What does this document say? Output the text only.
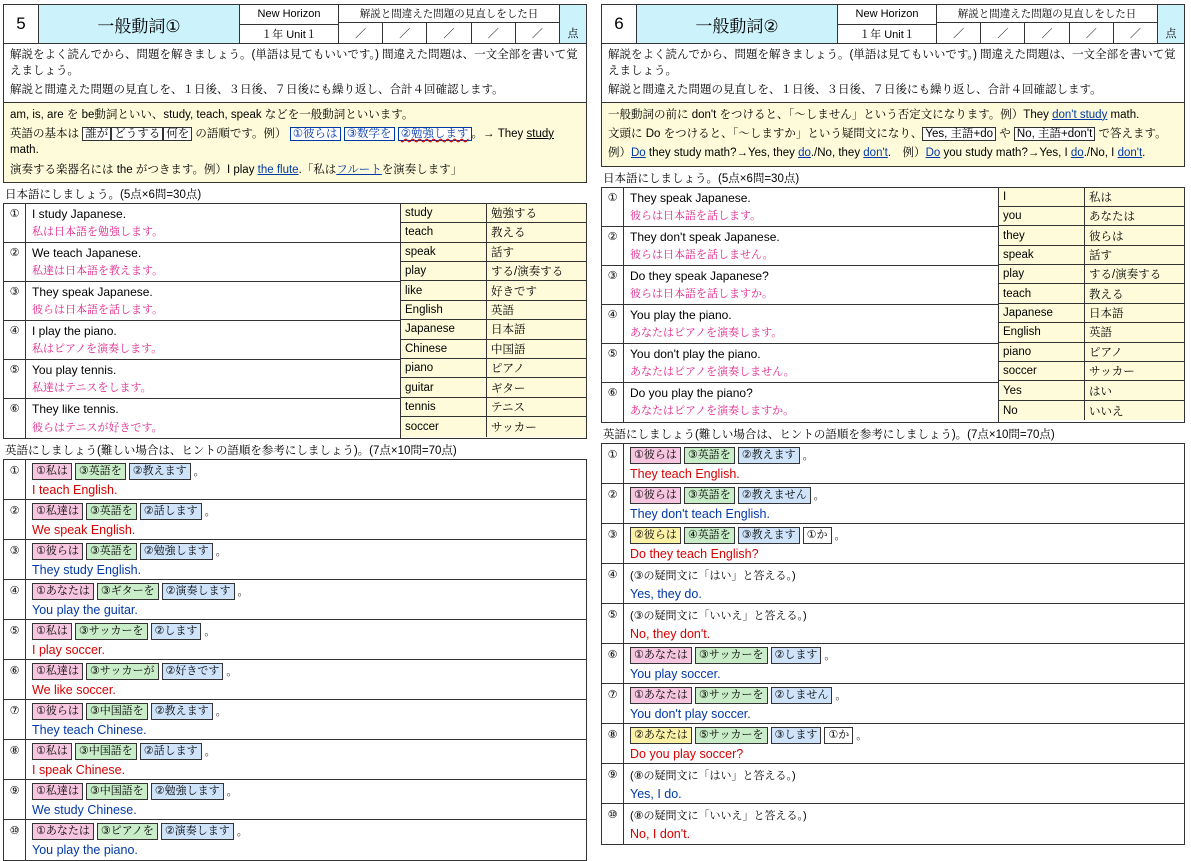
5	一般動詞①
New Horizon
１年 Unit１
解説と間違えた問題の見直しをした日
／	／	／	／	／	点

解説をよく読んでから、問題を解きましょう。(単語は見てもいいです。) 間違えた問題は、一文全部を書いて覚えましょう。

解説と間違えた問題の見直しを、１日後、３日後、７日後にも繰り返し、合計４回確認します。

am, is, are を be動詞といい、study, teach, speak などを一般動詞といいます。

英語の基本は 誰が どうする 何を の語順です。例） ①彼らは ③数学を ②勉強します 。→ They study math.

演奏する楽器名には the がつきます。例）I play the flute.「私はフルートを演奏します」

日本語にしましょう。(5点×6問=30点)
①	I study Japanese.
私は日本語を勉強します。
②	We teach Japanese.
私達は日本語を教えます。
③	They speak Japanese.
彼らは日本語を話します。
④	I play the piano.
私はピアノを演奏します。
⑤	You play tennis.
私達はテニスをします。
⑥	They like tennis.
彼らはテニスが好きです。
study	勉強する
teach	教える
speak	話す
play	する/演奏する
like	好きです
English	英語
Japanese	日本語
Chinese	中国語
piano	ピアノ
guitar	ギター
tennis	テニス
soccer	サッカー
英語にしましょう(難しい場合は、ヒントの語順を参考にしましょう)。(7点×10問=70点)
①	①私は	③英語を	②教えます 。
I teach English.
②	①私達は	③英語を	②話します 。
We speak English.
③	①彼らは	③英語を	②勉強します 。
They study English.
④	①あなたは	③ギターを	②演奏します 。
You play the guitar.
⑤	①私は	③サッカーを	②します 。
I play soccer.
⑥	①私達は	③サッカーが	②好きです 。
We like soccer.
⑦	①彼らは	③中国語を	②教えます 。
They teach Chinese.
⑧	①私は	③中国語を	②話します 。
I speak Chinese.
⑨	①私達は	③中国語を	②勉強します 。
We study Chinese.
⑩	①あなたは	③ピアノを	②演奏します 。
You play the piano.
6	一般動詞②
New Horizon
１年 Unit１
解説と間違えた問題の見直しをした日
／	／	／	／	／	点

解説をよく読んでから、問題を解きましょう。(単語は見てもいいです。) 間違えた問題は、一文全部を書いて覚えましょう。

解説と間違えた問題の見直しを、１日後、３日後、７日後にも繰り返し、合計４回確認します。

一般動詞の前に don't をつけると、「～しません」という否定文になります。例）They don't study math.

文頭に Do をつけると、「～しますか」という疑問文になり、 Yes, 主語+do や No, 主語+don't で答えます。

例）Do they study math?→Yes, they do./No, they don't.　例）Do you study math?→Yes, I do./No, I don't.

日本語にしましょう。(5点×6問=30点)
①	They speak Japanese.
彼らは日本語を話します。
②	They don't speak Japanese.
彼らは日本語を話しません。
③	Do they speak Japanese?
彼らは日本語を話しますか。
④	You play the piano.
あなたはピアノを演奏します。
⑤	You don't play the piano.
あなたはピアノを演奏しません。
⑥	Do you play the piano?
あなたはピアノを演奏しますか。
I	私は
you	あなたは
they	彼らは
speak	話す
play	する/演奏する
teach	教える
Japanese	日本語
English	英語
piano	ピアノ
soccer	サッカー
Yes	はい
No	いいえ
英語にしましょう(難しい場合は、ヒントの語順を参考にしましょう)。(7点×10問=70点)
①	①彼らは	③英語を	②教えます 。
They teach English.
②	①彼らは	③英語を	②教えません 。
They don't teach English.
③	②彼らは	④英語を	③教えます	①か 。
Do they teach English?
④	(③の疑問文に「はい」と答える。)
Yes, they do.
⑤	(③の疑問文に「いいえ」と答える。)
No, they don't.
⑥	①あなたは	③サッカーを	②します 。
You play soccer.
⑦	①あなたは	③サッカーを	②しません 。
You don't play soccer.
⑧	②あなたは	⑤サッカーを	③します	①か 。
Do you play soccer?
⑨	(⑧の疑問文に「はい」と答える。)
Yes, I do.
⑩	(⑧の疑問文に「いいえ」と答える。)
No, I don't.
